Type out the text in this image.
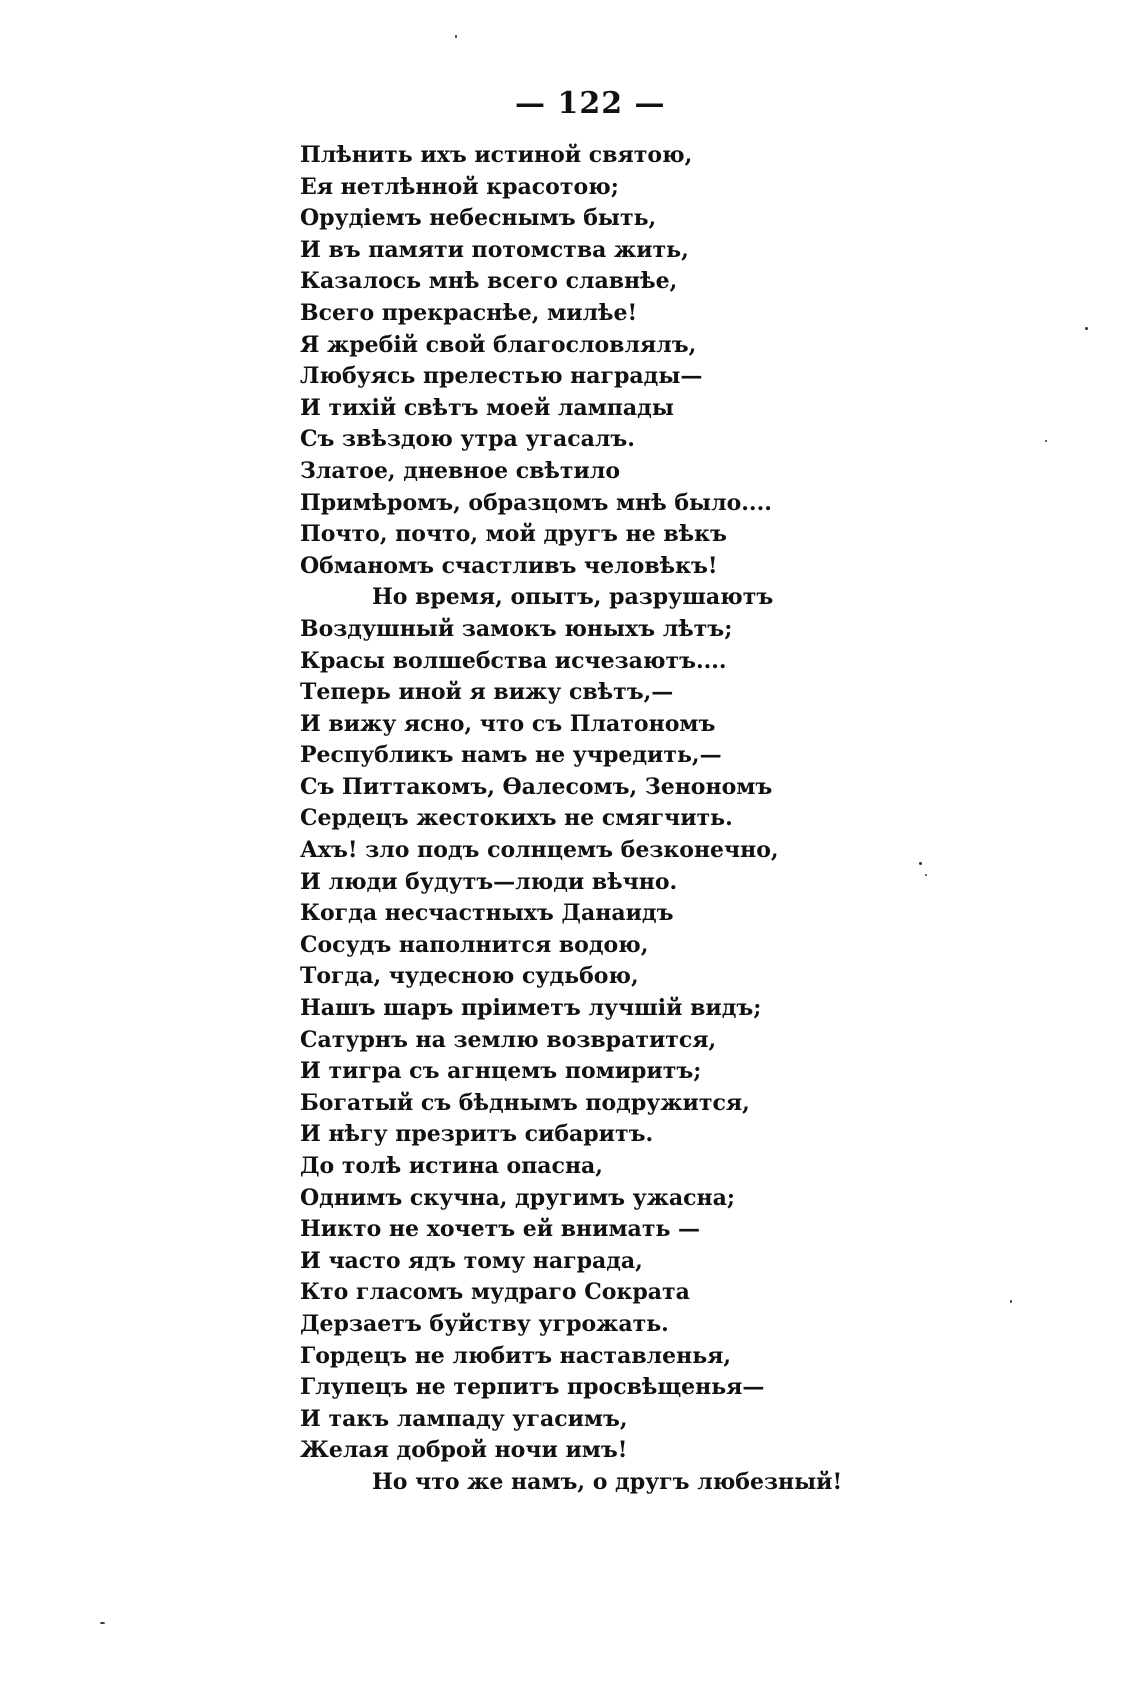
— 122 —
Плѣнить ихъ истиной святою,
Ея нетлѣнной красотою;
Орудіемъ небеснымъ быть,
И въ памяти потомства жить,
Казалось мнѣ всего славнѣе,
Всего прекраснѣе, милѣе!
Я жребій свой благословлялъ,
Любуясь прелестью награды—
И тихій свѣтъ моей лампады
Съ звѣздою утра угасалъ.
Златое, дневное свѣтило
Примѣромъ, образцомъ мнѣ было....
Почто, почто, мой другъ не вѣкъ
Обманомъ счастливъ человѣкъ!
Но время, опытъ, разрушаютъ
Воздушный замокъ юныхъ лѣтъ;
Красы волшебства исчезаютъ....
Теперь иной я вижу свѣтъ,—
И вижу ясно, что съ Платономъ
Республикъ намъ не учредить,—
Съ Питтакомъ, Өалесомъ, Зенономъ
Сердецъ жестокихъ не смягчить.
Ахъ! зло подъ солнцемъ безконечно,
И люди будутъ—люди вѣчно.
Когда несчастныхъ Данаидъ
Сосудъ наполнится водою,
Тогда, чудесною судьбою,
Нашъ шаръ пріиметъ лучшій видъ;
Сатурнъ на землю возвратится,
И тигра съ агнцемъ помиритъ;
Богатый съ бѣднымъ подружится,
И нѣгу презритъ сибаритъ.
До толѣ истина опасна,
Однимъ скучна, другимъ ужасна;
Никто не хочетъ ей внимать —
И часто ядъ тому награда,
Кто гласомъ мудраго Сократа
Дерзаетъ буйству угрожать.
Гордецъ не любитъ наставленья,
Глупецъ не терпитъ просвѣщенья—
И такъ лампаду угасимъ,
Желая доброй ночи имъ!
Но что же намъ, о другъ любезный!
